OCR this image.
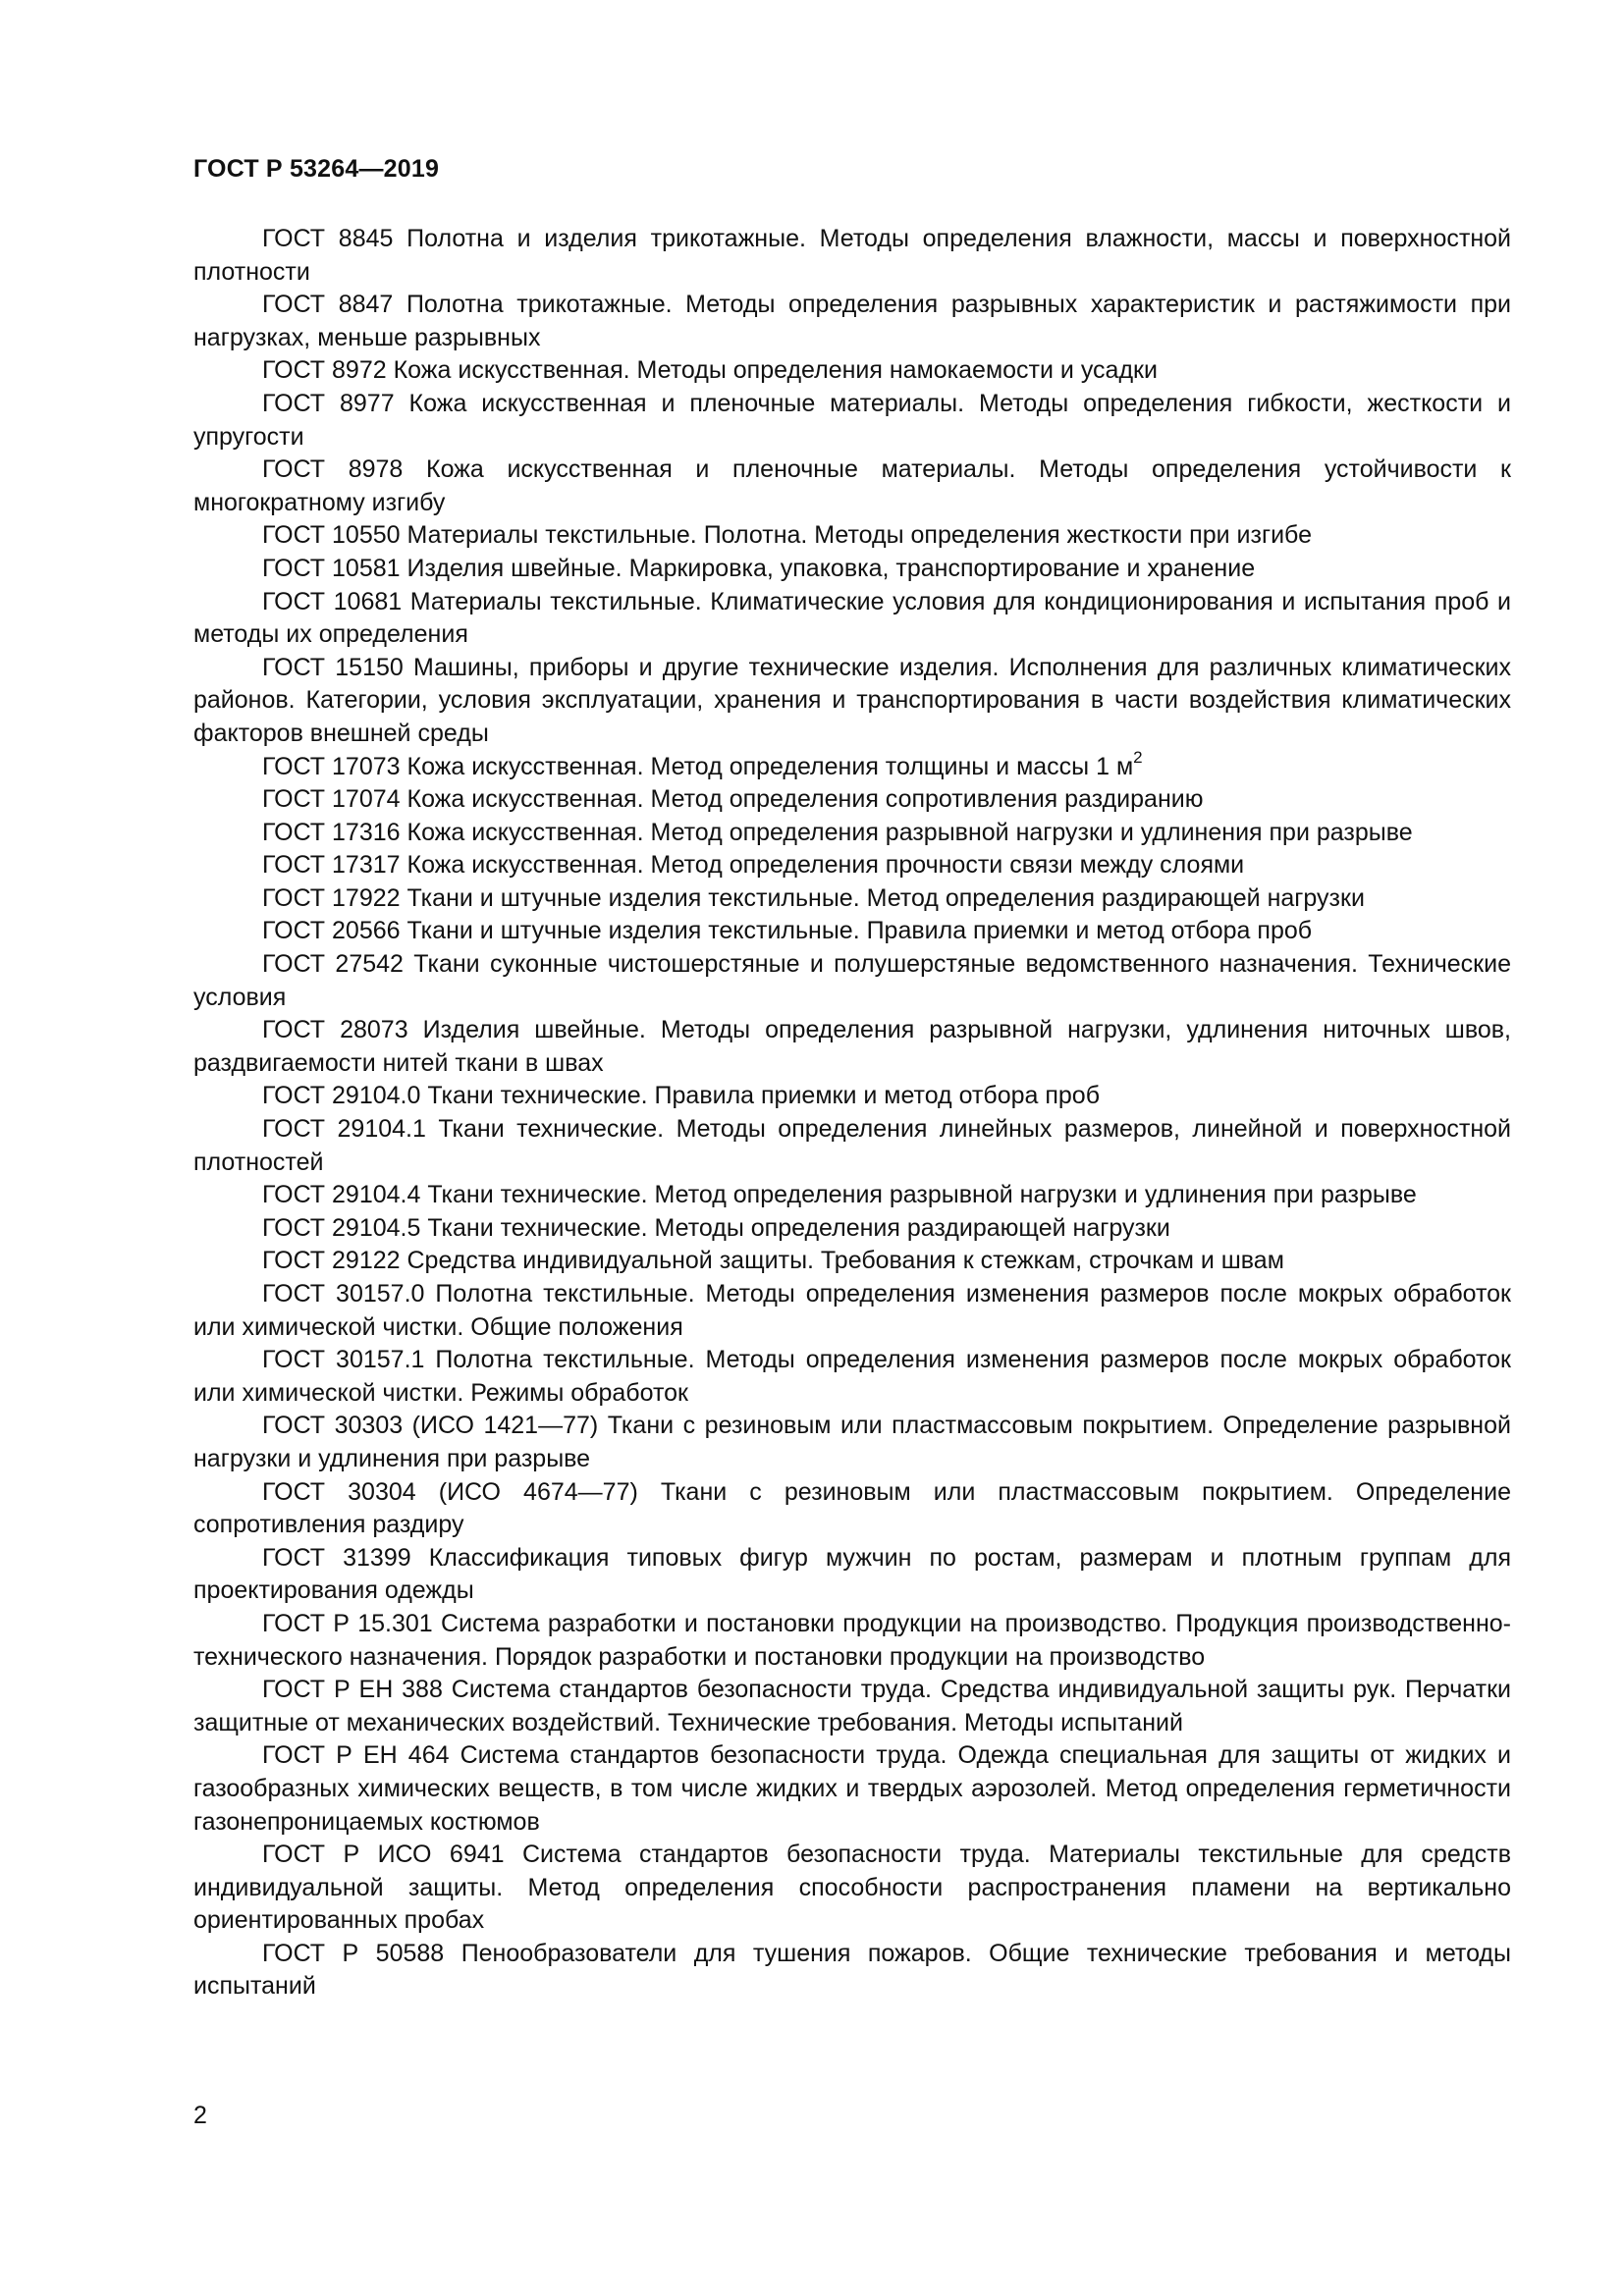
ГОСТ Р 53264—2019

ГОСТ 8845 Полотна и изделия трикотажные. Методы определения влажности, массы и поверхностной плотности

ГОСТ 8847 Полотна трикотажные. Методы определения разрывных характеристик и растяжимости при нагрузках, меньше разрывных

ГОСТ 8972 Кожа искусственная. Методы определения намокаемости и усадки

ГОСТ 8977 Кожа искусственная и пленочные материалы. Методы определения гибкости, жесткости и упругости

ГОСТ 8978 Кожа искусственная и пленочные материалы. Методы определения устойчивости к многократному изгибу

ГОСТ 10550 Материалы текстильные. Полотна. Методы определения жесткости при изгибе

ГОСТ 10581 Изделия швейные. Маркировка, упаковка, транспортирование и хранение

ГОСТ 10681 Материалы текстильные. Климатические условия для кондиционирования и испытания проб и методы их определения

ГОСТ 15150 Машины, приборы и другие технические изделия. Исполнения для различных климатических районов. Категории, условия эксплуатации, хранения и транспортирования в части воздействия климатических факторов внешней среды

ГОСТ 17073 Кожа искусственная. Метод определения толщины и массы 1 $м^2$

ГОСТ 17074 Кожа искусственная. Метод определения сопротивления раздиранию

ГОСТ 17316 Кожа искусственная. Метод определения разрывной нагрузки и удлинения при разрыве

ГОСТ 17317 Кожа искусственная. Метод определения прочности связи между слоями

ГОСТ 17922 Ткани и штучные изделия текстильные. Метод определения раздирающей нагрузки

ГОСТ 20566 Ткани и штучные изделия текстильные. Правила приемки и метод отбора проб

ГОСТ 27542 Ткани суконные чистошерстяные и полушерстяные ведомственного назначения. Технические условия

ГОСТ 28073 Изделия швейные. Методы определения разрывной нагрузки, удлинения ниточных швов, раздвигаемости нитей ткани в швах

ГОСТ 29104.0 Ткани технические. Правила приемки и метод отбора проб

ГОСТ 29104.1 Ткани технические. Методы определения линейных размеров, линейной и поверхностной плотностей

ГОСТ 29104.4 Ткани технические. Метод определения разрывной нагрузки и удлинения при разрыве

ГОСТ 29104.5 Ткани технические. Методы определения раздирающей нагрузки

ГОСТ 29122 Средства индивидуальной защиты. Требования к стежкам, строчкам и швам

ГОСТ 30157.0 Полотна текстильные. Методы определения изменения размеров после мокрых обработок или химической чистки. Общие положения

ГОСТ 30157.1 Полотна текстильные. Методы определения изменения размеров после мокрых обработок или химической чистки. Режимы обработок

ГОСТ 30303 (ИСО 1421—77) Ткани с резиновым или пластмассовым покрытием. Определение разрывной нагрузки и удлинения при разрыве

ГОСТ 30304 (ИСО 4674—77) Ткани с резиновым или пластмассовым покрытием. Определение сопротивления раздиру

ГОСТ 31399 Классификация типовых фигур мужчин по ростам, размерам и плотным группам для проектирования одежды

ГОСТ Р 15.301 Система разработки и постановки продукции на производство. Продукция производственно-технического назначения. Порядок разработки и постановки продукции на производство

ГОСТ Р ЕН 388 Система стандартов безопасности труда. Средства индивидуальной защиты рук. Перчатки защитные от механических воздействий. Технические требования. Методы испытаний

ГОСТ Р ЕН 464 Система стандартов безопасности труда. Одежда специальная для защиты от жидких и газообразных химических веществ, в том числе жидких и твердых аэрозолей. Метод определения герметичности газонепроницаемых костюмов

ГОСТ Р ИСО 6941 Система стандартов безопасности труда. Материалы текстильные для средств индивидуальной защиты. Метод определения способности распространения пламени на вертикально ориентированных пробах

ГОСТ Р 50588 Пенообразователи для тушения пожаров. Общие технические требования и методы испытаний

2
